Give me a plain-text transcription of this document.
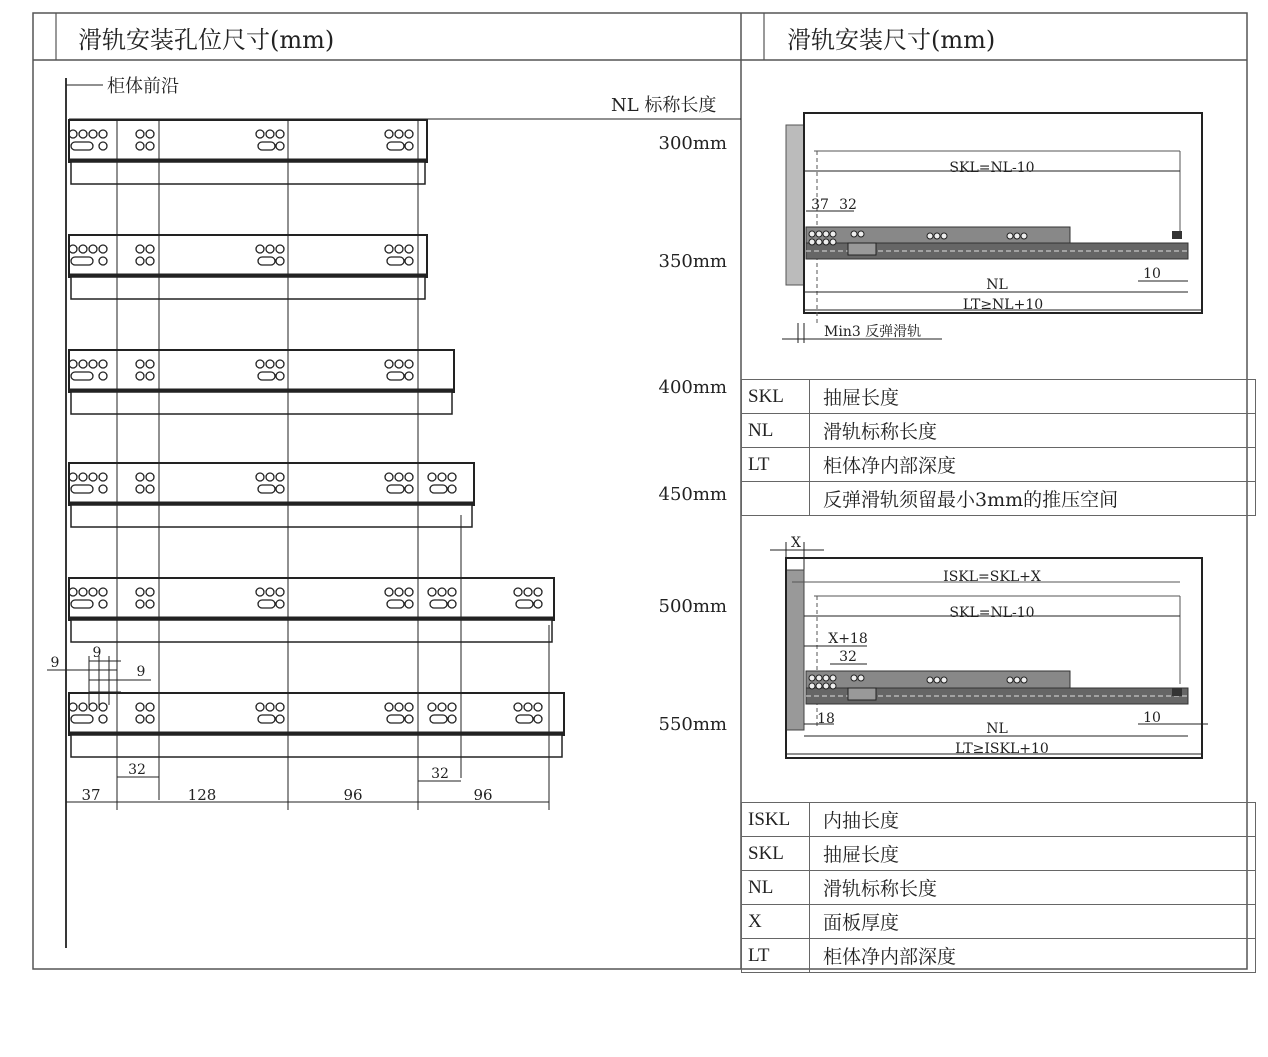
滑轨安装孔位尺寸(mm)	滑轨安装尺寸(mm)
柜体前沿
NL 标称长度
300mm
350mm
400mm
450mm
500mm
550mm
37	128	96	96
32	32
9
9
9
SKL=NL-10
37 32
10
NL
LT≥NL+10
Min3 反弹滑轨
SKL	抽屉长度
NL	滑轨标称长度
LT	柜体净内部深度
	反弹滑轨须留最小3mm的推压空间
X
ISKL=SKL+X
SKL=NL-10
X+18
32
18	10
NL
LT≥ISKL+10
ISKL	内抽长度
SKL	抽屉长度
NL	滑轨标称长度
X	面板厚度
LT	柜体净内部深度
